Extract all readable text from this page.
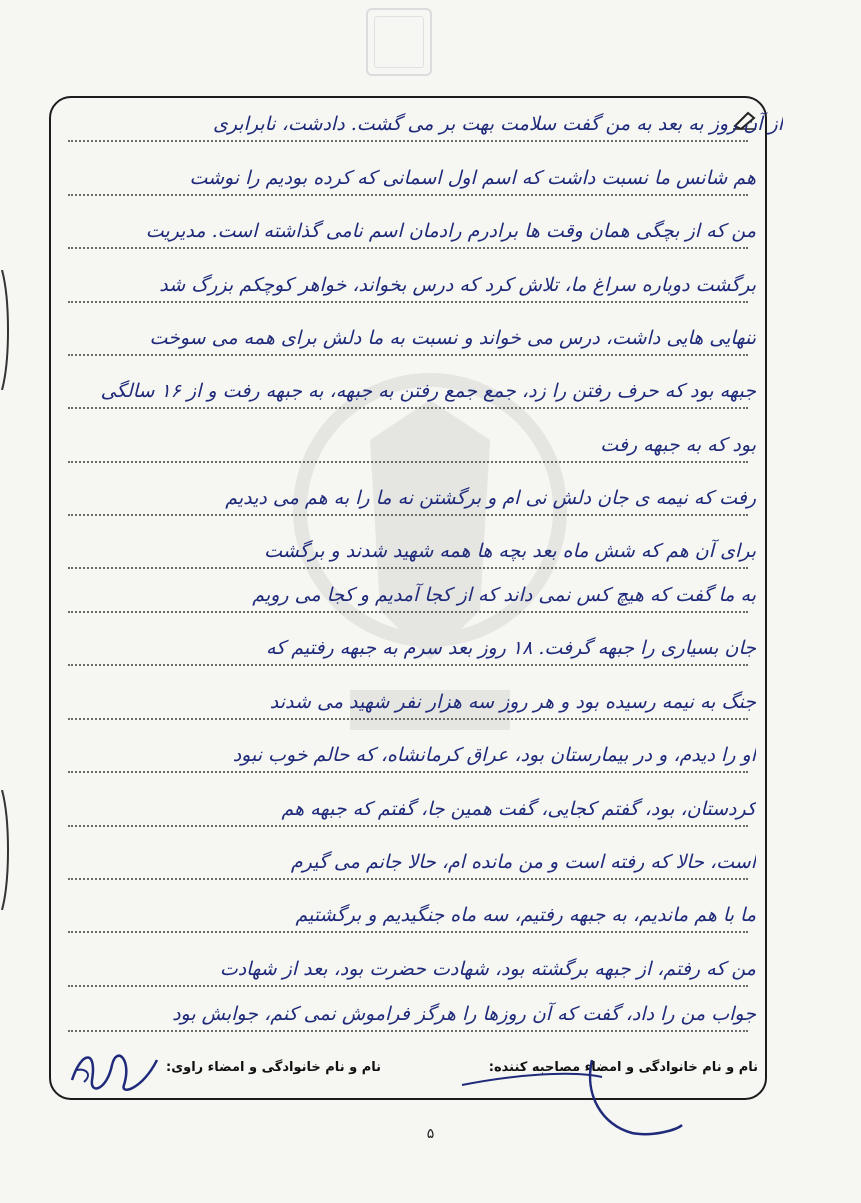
از آن روز به بعد به من گفت سلامت بهت بر می گشت. دادشت، نابرابری
هم شانس ما نسبت داشت که اسم اول اسمانی که کرده بودیم را نوشت
من که از بچگی همان وقت ها برادرم رادمان اسم نامی گذاشته است. مدیریت
برگشت دوباره سراغ ما، تلاش کرد که درس بخواند، خواهر کوچکم بزرگ شد
تنهایی هایی داشت، درس می خواند و نسبت به ما دلش برای همه می سوخت
جبهه بود که حرف رفتن را زد، جمع جمع رفتن به جبهه، به جبهه رفت و از ۱۶ سالگی
بود که به جبهه رفت
رفت که نیمه ی جان دلش نی ام و برگشتن نه ما را به هم می دیدیم
برای آن هم که شش ماه بعد بچه ها همه شهید شدند و برگشت
به ما گفت که هیچ کس نمی داند که از کجا آمدیم و کجا می رویم
جان بسیاری را جبهه گرفت. ۱۸ روز بعد سرم به جبهه رفتیم که
جنگ به نیمه رسیده بود و هر روز سه هزار نفر شهید می شدند
او را دیدم، و در بیمارستان بود، عراق کرمانشاه، که حالم خوب نبود
کردستان، بود، گفتم کجایی، گفت همین جا، گفتم که جبهه هم
است، حالا که رفته است و من مانده ام، حالا جانم می گیرم
ما با هم ماندیم، به جبهه رفتیم، سه ماه جنگیدیم و برگشتیم
من که رفتم، از جبهه برگشته بود، شهادت حضرت بود، بعد از شهادت
جواب من را داد، گفت که آن روزها را هرگز فراموش نمی کنم، جوابش بود
نام و نام خانوادگی و امضاء مصاحبه کننده:
نام و نام خانوادگی و امضاء راوی:
۵
